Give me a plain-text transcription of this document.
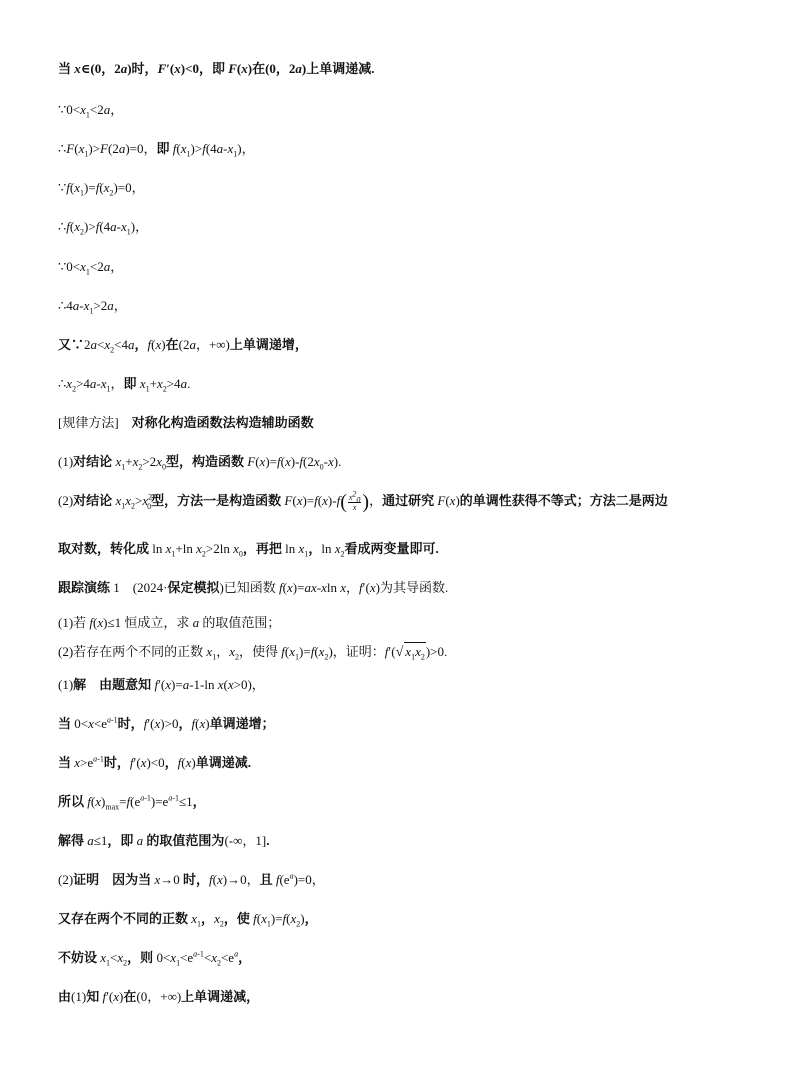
当 x∈(0，2a)时，F′(x)<0，即 F(x)在(0，2a)上单调递减.
$\because 0<x_1<2a$，
$\therefore F(x_1)>F(2a)=0$，即 $f(x_1)>f(4a-x_1)$，
$\because f(x_1)=f(x_2)=0$，
$\therefore f(x_2)>f(4a-x_1)$，
$\because 0<x_1<2a$，
$\therefore 4a-x_1>2a$，
又$\because 2a<x_2<4a$，f(x)在(2a，+∞)上单调递增，
$\therefore x_2>4a-x_1$，即 $x_1+x_2>4a$.
[规律方法]　对称化构造函数法构造辅助函数
(1)对结论 $x_1+x_2>2x_0$型，构造函数 $F(x)=f(x)-f(2x_0-x)$.
(2)对结论 $x_1x_2>x^2_0$型，方法一是构造函数 $F(x)=f(x)-f( \frac{x^2_0}{x}$ )，通过研究 F(x)的单调性获得不等式；方法二是两边
取对数，转化成 $\ln x_1+\ln$ $x_2>2\ln$ $x_0$，再把 $\ln x_1$，$\ln x_2$看成两变量即可.
跟踪演练 1　(2024·保定模拟)已知函数 f(x)=ax-xln x，f′(x)为其导函数.
(1)若 f(x)≤1 恒成立，求 a 的取值范围；
(2)若存在两个不同的正数 $x_1$，$x_2$，使得 $f(x_1)=f(x_2)$，证明：f′(√ $x_1x_2)>0$.
(1)解　由题意知 f′(x)=a-1-ln x(x>0)，
当 $0<x<e^{a-1}$时，f′(x)>0，f(x)单调递增；
当 $x>e^{a-1}$时，f′(x)<0，f(x)单调递减.
所以 $f(x)_{max}=f(e^{a-1})=e^{a-1}\le 1$，
解得 a≤1，即 a 的取值范围为(-∞，1].
(2)证明　因为当 x→0 时，f(x)→0，且 $f(e^a)=0$，
又存在两个不同的正数 $x_1$，$x_2$，使 $f(x_1)=f(x_2)$，
不妨设 $x_1<x_2$，则 $0<x_1<e^{a-1}<x_2<e^a$，
由(1)知 f′(x)在(0，+∞)上单调递减，
